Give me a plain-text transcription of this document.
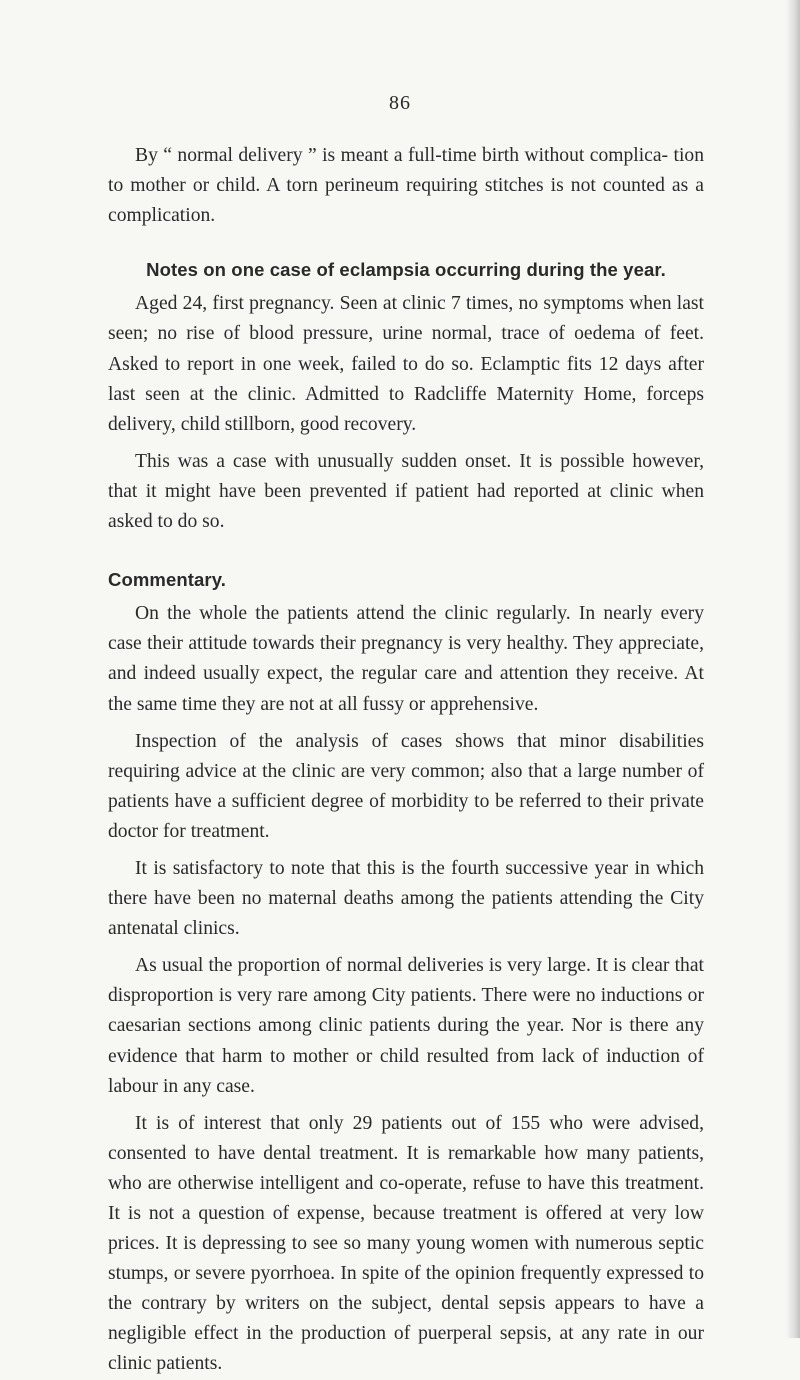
86

By “ normal delivery ” is meant a full-time birth without complica- tion to mother or child. A torn perineum requiring stitches is not counted as a complication.

Notes on one case of eclampsia occurring during the year.

Aged 24, first pregnancy. Seen at clinic 7 times, no symptoms when last seen; no rise of blood pressure, urine normal, trace of oedema of feet. Asked to report in one week, failed to do so. Eclamptic fits 12 days after last seen at the clinic. Admitted to Radcliffe Maternity Home, forceps delivery, child stillborn, good recovery.

This was a case with unusually sudden onset. It is possible however, that it might have been prevented if patient had reported at clinic when asked to do so.

Commentary.

On the whole the patients attend the clinic regularly. In nearly every case their attitude towards their pregnancy is very healthy. They appreciate, and indeed usually expect, the regular care and attention they receive. At the same time they are not at all fussy or apprehensive.

Inspection of the analysis of cases shows that minor disabilities requiring advice at the clinic are very common; also that a large number of patients have a sufficient degree of morbidity to be referred to their private doctor for treatment.

It is satisfactory to note that this is the fourth successive year in which there have been no maternal deaths among the patients attending the City antenatal clinics.

As usual the proportion of normal deliveries is very large. It is clear that disproportion is very rare among City patients. There were no inductions or caesarian sections among clinic patients during the year. Nor is there any evidence that harm to mother or child resulted from lack of induction of labour in any case.

It is of interest that only 29 patients out of 155 who were advised, consented to have dental treatment. It is remarkable how many patients, who are otherwise intelligent and co-operate, refuse to have this treatment. It is not a question of expense, because treatment is offered at very low prices. It is depressing to see so many young women with numerous septic stumps, or severe pyorrhoea. In spite of the opinion frequently expressed to the contrary by writers on the subject, dental sepsis appears to have a negligible effect in the production of puerperal sepsis, at any rate in our clinic patients.
